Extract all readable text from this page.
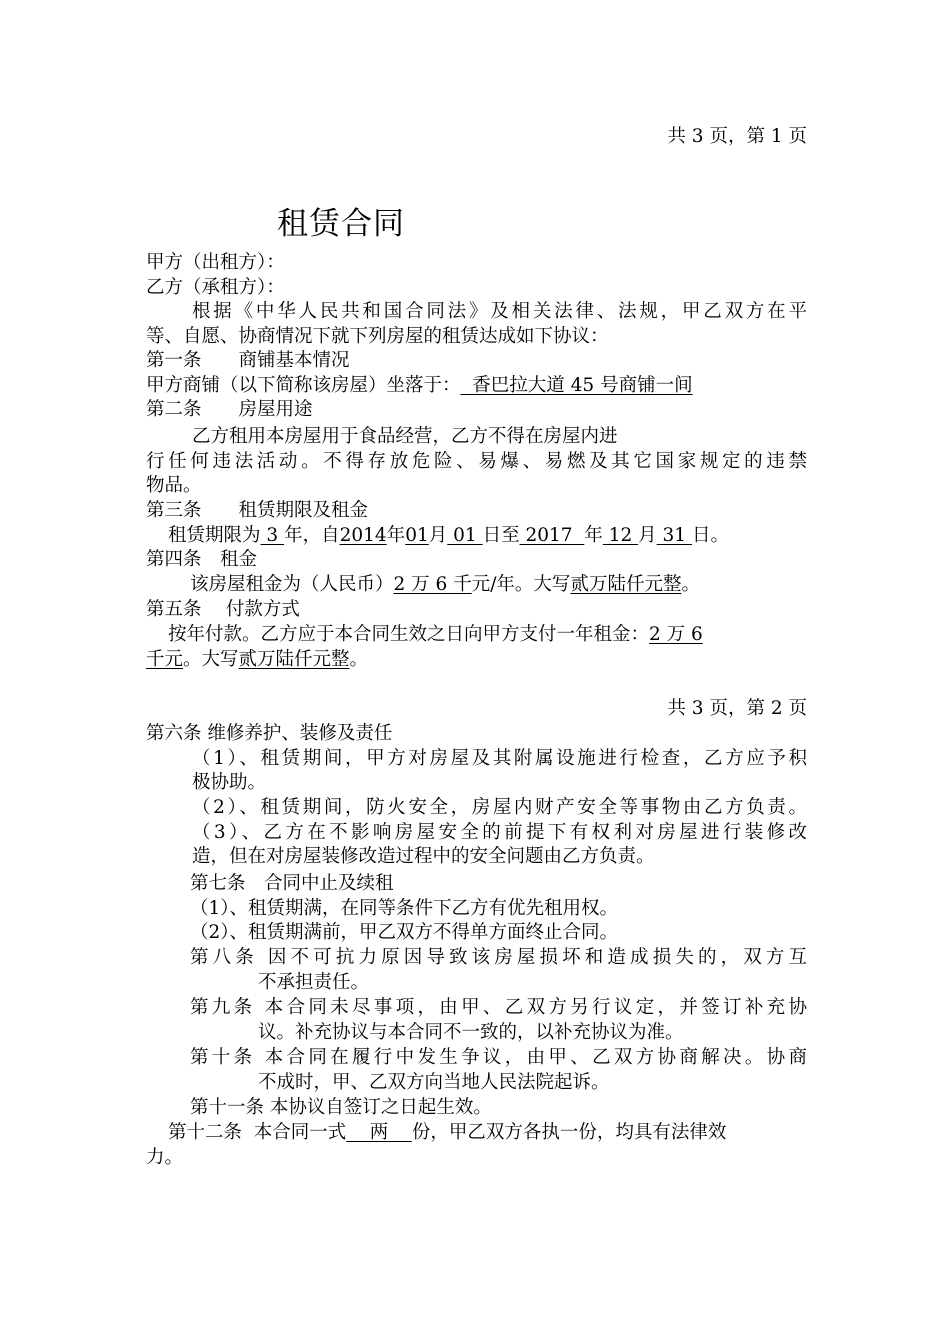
共 3 页，第 1 页
租赁合同
甲方（出租方）：
乙方（承租方）：
根据《中华人民共和国合同法》及相关法律、法规，甲乙双方在平
等、自愿、协商情况下就下列房屋的租赁达成如下协议：
第一条　　商铺基本情况
甲方商铺（以下简称该房屋）坐落于：  香巴拉大道 45 号商铺一间
第二条　　房屋用途
乙方租用本房屋用于食品经营，乙方不得在房屋内进
行任何违法活动。不得存放危险、易爆、易燃及其它国家规定的违禁
物品。
第三条　　租赁期限及租金
租赁期限为 3 年，自2014年01月 01 日至 2017  年 12 月 31 日。
第四条　租金
该房屋租金为（人民币）2 万 6 千元/年。大写贰万陆仟元整。
第五条　 付款方式
按年付款。乙方应于本合同生效之日向甲方支付一年租金：2 万 6
千元。大写贰万陆仟元整。
共 3 页，第 2 页
第六条 维修养护、装修及责任
（1）、租赁期间，甲方对房屋及其附属设施进行检查，乙方应予积
极协助。
（2）、租赁期间，防火安全，房屋内财产安全等事物由乙方负责。
（3）、乙方在不影响房屋安全的前提下有权利对房屋进行装修改
造，但在对房屋装修改造过程中的安全问题由乙方负责。
第七条　合同中止及续租
（1）、租赁期满，在同等条件下乙方有优先租用权。
（2）、租赁期满前，甲乙双方不得单方面终止合同。
第八条 因不可抗力原因导致该房屋损坏和造成损失的，双方互
不承担责任。
第九条 本合同未尽事项，由甲、乙双方另行议定，并签订补充协
议。补充协议与本合同不一致的，以补充协议为准。
第十条 本合同在履行中发生争议，由甲、乙双方协商解决。协商
不成时，甲、乙双方向当地人民法院起诉。
第十一条 本协议自签订之日起生效。
第十二条  本合同一式    两    份，甲乙双方各执一份，均具有法律效
力。
